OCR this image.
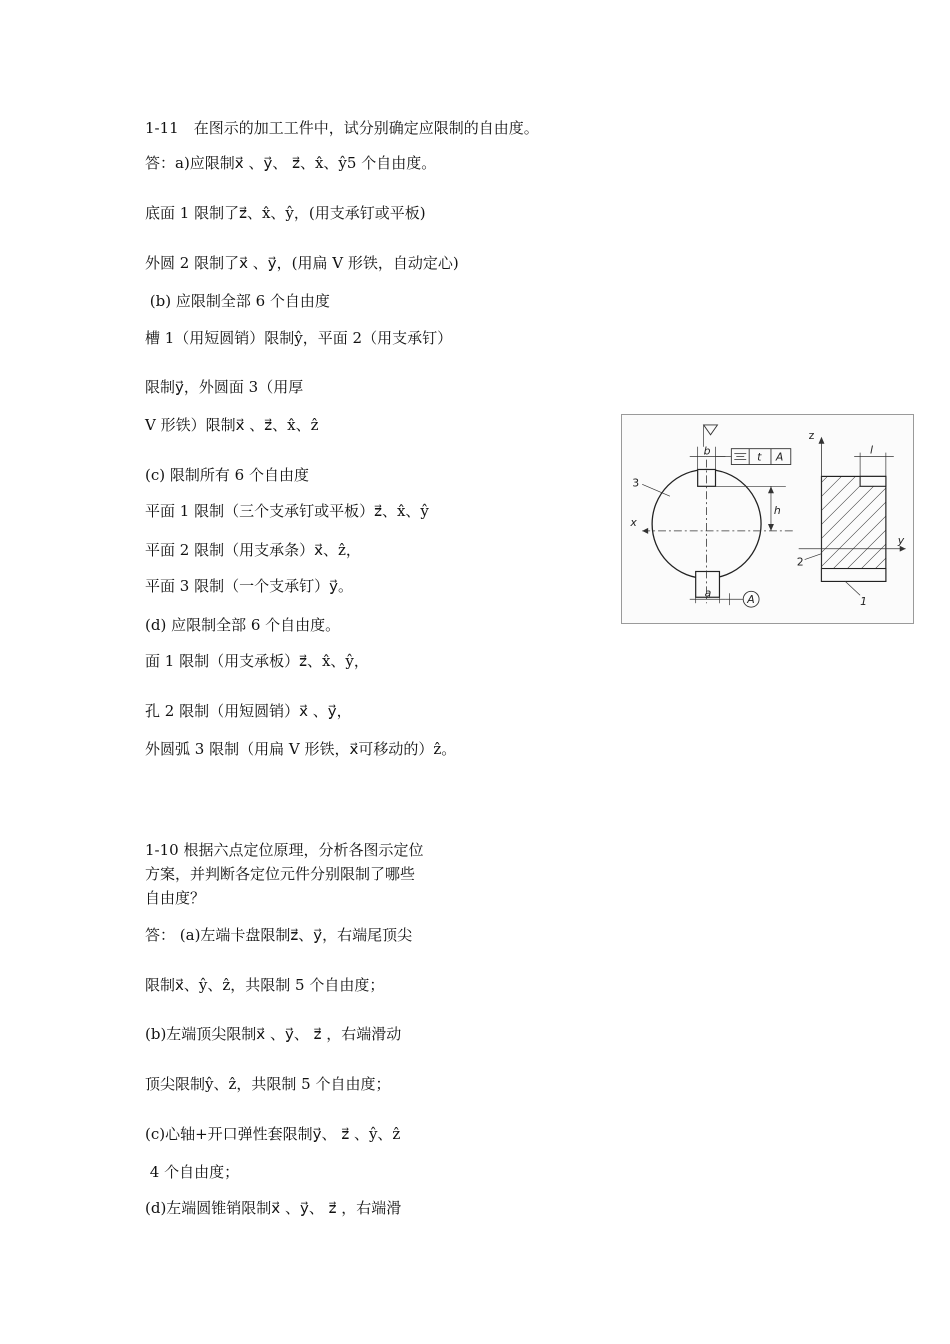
1-11　在图示的加工工件中，试分别确定应限制的自由度。
答：a)应限制x⃗ 、y⃗、 z⃗、x̂、ŷ5 个自由度。
底面 1 限制了z⃗、x̂、ŷ，(用支承钉或平板)
外圆 2 限制了x⃗ 、y⃗，(用扁 V 形铁，自动定心)
(b) 应限制全部 6 个自由度
槽 1（用短圆销）限制ŷ，平面 2（用支承钉）
限制y⃗，外圆面 3（用厚
V 形铁）限制x⃗ 、z⃗、x̂、ẑ
(c) 限制所有 6 个自由度
平面 1 限制（三个支承钉或平板）z⃗、x̂、ŷ
平面 2 限制（用支承条）x⃗、ẑ，
平面 3 限制（一个支承钉）y⃗。
(d) 应限制全部 6 个自由度。
面 1 限制（用支承板）z⃗、x̂、ŷ，
孔 2 限制（用短圆销）x⃗ 、y⃗，
外圆弧 3 限制（用扁 V 形铁，x⃗可移动的）ẑ。
1-10 根据六点定位原理，分析各图示定位
方案，并判断各定位元件分别限制了哪些
自由度？
答： (a)左端卡盘限制z⃗、y⃗，右端尾顶尖
限制x⃗、ŷ、ẑ，共限制 5 个自由度；
(b)左端顶尖限制x⃗ 、y⃗、 z⃗ ，右端滑动
顶尖限制ŷ、ẑ，共限制 5 个自由度；
(c)心轴+开口弹性套限制y⃗、 z⃗ 、ŷ、ẑ
4 个自由度；
(d)左端圆锥销限制x⃗ 、y⃗、 z⃗ ，右端滑
b	t A
h
a
A
x
3
y
z
l
2
1
